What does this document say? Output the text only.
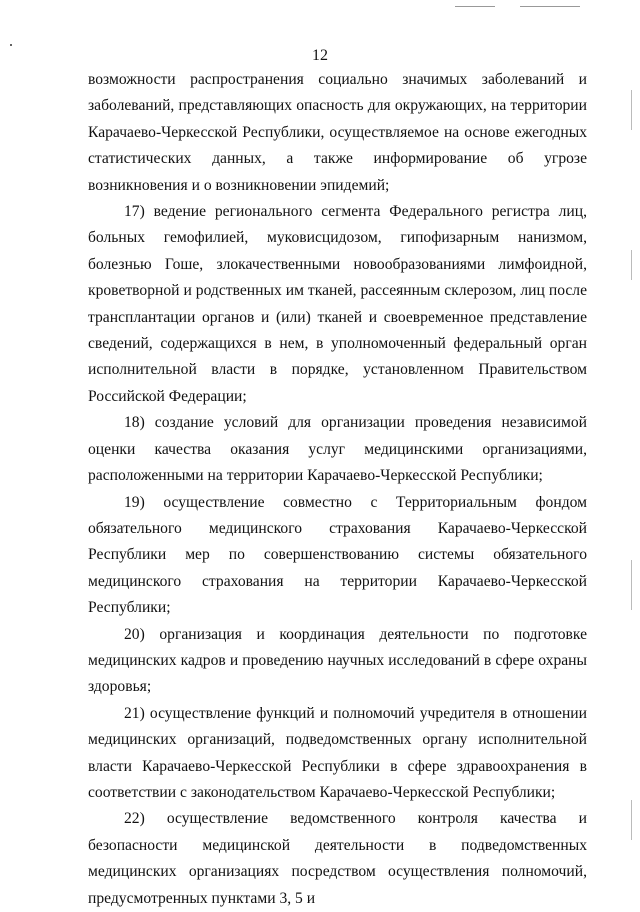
12

возможности распространения социально значимых заболеваний и заболеваний, представляющих опасность для окружающих, на территории Карачаево-Черкесской Республики, осуществляемое на основе ежегодных статистических данных, а также информирование об угрозе возникновения и о возникновении эпидемий;

17) ведение регионального сегмента Федерального регистра лиц, больных гемофилией, муковисцидозом, гипофизарным нанизмом, болезнью Гоше, злокачественными новообразованиями лимфоидной, кроветворной и родственных им тканей, рассеянным склерозом, лиц после трансплантации органов и (или) тканей и своевременное представление сведений, содержащихся в нем, в уполномоченный федеральный орган исполнительной власти в порядке, установленном Правительством Российской Федерации;

18) создание условий для организации проведения независимой оценки качества оказания услуг медицинскими организациями, расположенными на территории Карачаево-Черкесской Республики;

19) осуществление совместно с Территориальным фондом обязательного медицинского страхования Карачаево-Черкесской Республики мер по совершенствованию системы обязательного медицинского страхования на территории Карачаево-Черкесской Республики;

20) организация и координация деятельности по подготовке медицинских кадров и проведению научных исследований в сфере охраны здоровья;

21) осуществление функций и полномочий учредителя в отношении медицинских организаций, подведомственных органу исполнительной власти Карачаево-Черкесской Республики в сфере здравоохранения в соответствии с законодательством Карачаево-Черкесской Республики;

22) осуществление ведомственного контроля качества и безопасности медицинской деятельности в подведомственных медицинских организациях посредством осуществления полномочий, предусмотренных пунктами 3, 5 и
